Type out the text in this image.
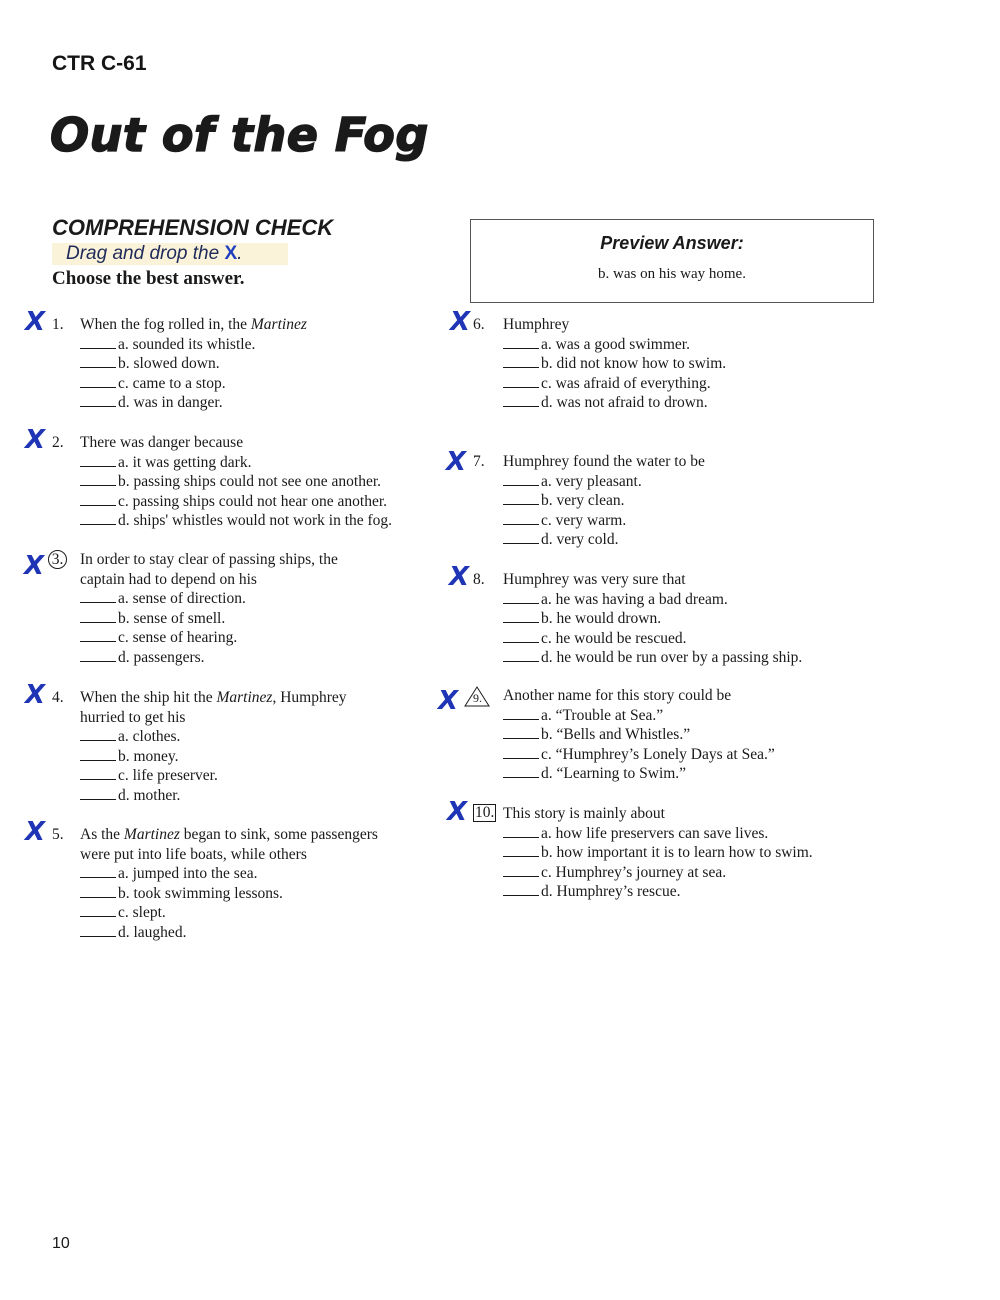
CTR C-61
Out of the Fog
COMPREHENSION CHECK
Drag and drop the X.
Choose the best answer.
Preview Answer:
b. was on his way home.
X 1. When the fog rolled in, the Martinez
a. sounded its whistle.
b. slowed down.
c. came to a stop.
d. was in danger.
X 2. There was danger because
a. it was getting dark.
b. passing ships could not see one another.
c. passing ships could not hear one another.
d. ships' whistles would not work in the fog.
X 3. In order to stay clear of passing ships, the
captain had to depend on his
a. sense of direction.
b. sense of smell.
c. sense of hearing.
d. passengers.
X 4. When the ship hit the Martinez, Humphrey
hurried to get his
a. clothes.
b. money.
c. life preserver.
d. mother.
X 5. As the Martinez began to sink, some passengers
were put into life boats, while others
a. jumped into the sea.
b. took swimming lessons.
c. slept.
d. laughed.
X 6. Humphrey
a. was a good swimmer.
b. did not know how to swim.
c. was afraid of everything.
d. was not afraid to drown.
X 7. Humphrey found the water to be
a. very pleasant.
b. very clean.
c. very warm.
d. very cold.
X 8. Humphrey was very sure that
a. he was having a bad dream.
b. he would drown.
c. he would be rescued.
d. he would be run over by a passing ship.
X 9. Another name for this story could be
a. “Trouble at Sea.”
b. “Bells and Whistles.”
c. “Humphrey’s Lonely Days at Sea.”
d. “Learning to Swim.”
X 10. This story is mainly about
a. how life preservers can save lives.
b. how important it is to learn how to swim.
c. Humphrey’s journey at sea.
d. Humphrey’s rescue.
10
